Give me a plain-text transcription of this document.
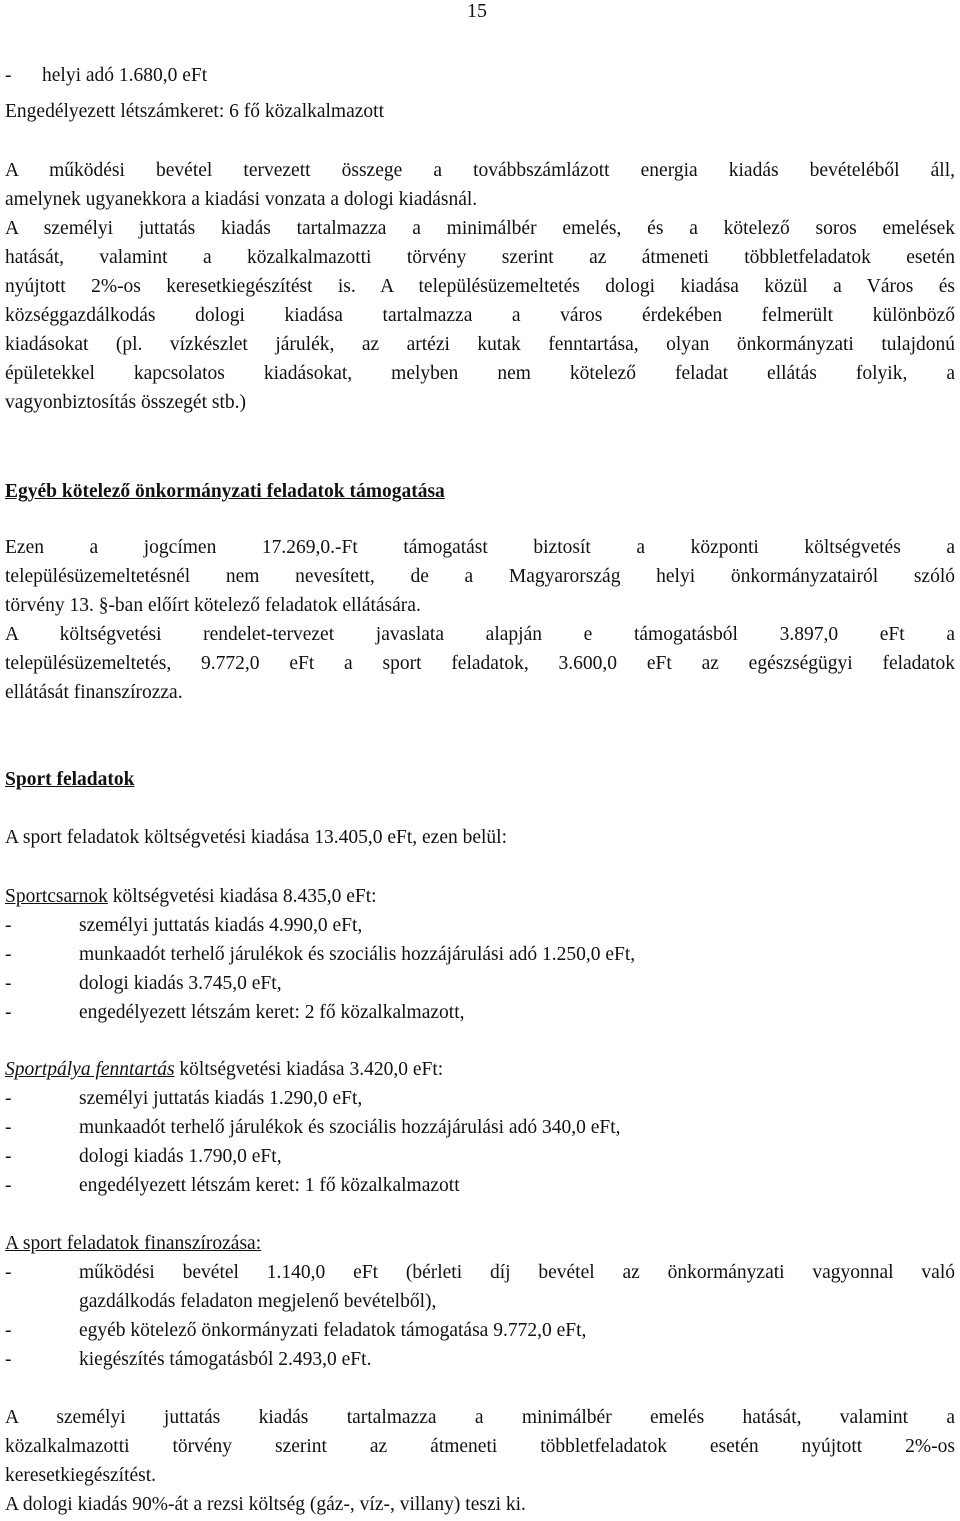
15
- helyi adó 1.680,0 eFt
Engedélyezett létszámkeret: 6 fő közalkalmazott
A működési bevétel tervezett összege a továbbszámlázott energia kiadás bevételéből áll,
amelynek ugyanekkora a kiadási vonzata a dologi kiadásnál.
A személyi juttatás kiadás tartalmazza a minimálbér emelés, és a kötelező soros emelések
hatását, valamint a közalkalmazotti törvény szerint az átmeneti többletfeladatok esetén
nyújtott 2%-os keresetkiegészítést is. A településüzemeltetés dologi kiadása közül a Város és
községgazdálkodás dologi kiadása tartalmazza a város érdekében felmerült különböző
kiadásokat (pl. vízkészlet járulék, az artézi kutak fenntartása, olyan önkormányzati tulajdonú
épületekkel kapcsolatos kiadásokat, melyben nem kötelező feladat ellátás folyik, a
vagyonbiztosítás összegét stb.)
Egyéb kötelező önkormányzati feladatok támogatása
Ezen a jogcímen 17.269,0.-Ft támogatást biztosít a központi költségvetés a
településüzemeltetésnél nem nevesített, de a Magyarország helyi önkormányzatairól szóló
törvény 13. §-ban előírt kötelező feladatok ellátására.
A költségvetési rendelet-tervezet javaslata alapján e támogatásból 3.897,0 eFt a
településüzemeltetés, 9.772,0 eFt a sport feladatok, 3.600,0 eFt az egészségügyi feladatok
ellátását finanszírozza.
Sport feladatok
A sport feladatok költségvetési kiadása 13.405,0 eFt, ezen belül:
Sportcsarnok költségvetési kiadása 8.435,0 eFt:
-	személyi juttatás kiadás 4.990,0 eFt,
-	munkaadót terhelő járulékok és szociális hozzájárulási adó 1.250,0 eFt,
-	dologi kiadás 3.745,0 eFt,
-	engedélyezett létszám keret: 2 fő közalkalmazott,
Sportpálya fenntartás költségvetési kiadása 3.420,0 eFt:
-	személyi juttatás kiadás 1.290,0 eFt,
-	munkaadót terhelő járulékok és szociális hozzájárulási adó 340,0 eFt,
-	dologi kiadás 1.790,0 eFt,
-	engedélyezett létszám keret: 1 fő közalkalmazott
A sport feladatok finanszírozása:
-	működési bevétel 1.140,0 eFt (bérleti díj bevétel az önkormányzati vagyonnal való
gazdálkodás feladaton megjelenő bevételből),
-	egyéb kötelező önkormányzati feladatok támogatása 9.772,0 eFt,
-	kiegészítés támogatásból 2.493,0 eFt.
A személyi juttatás kiadás tartalmazza a minimálbér emelés hatását, valamint a
közalkalmazotti törvény szerint az átmeneti többletfeladatok esetén nyújtott 2%-os
keresetkiegészítést.
A dologi kiadás 90%-át a rezsi költség (gáz-, víz-, villany) teszi ki.
